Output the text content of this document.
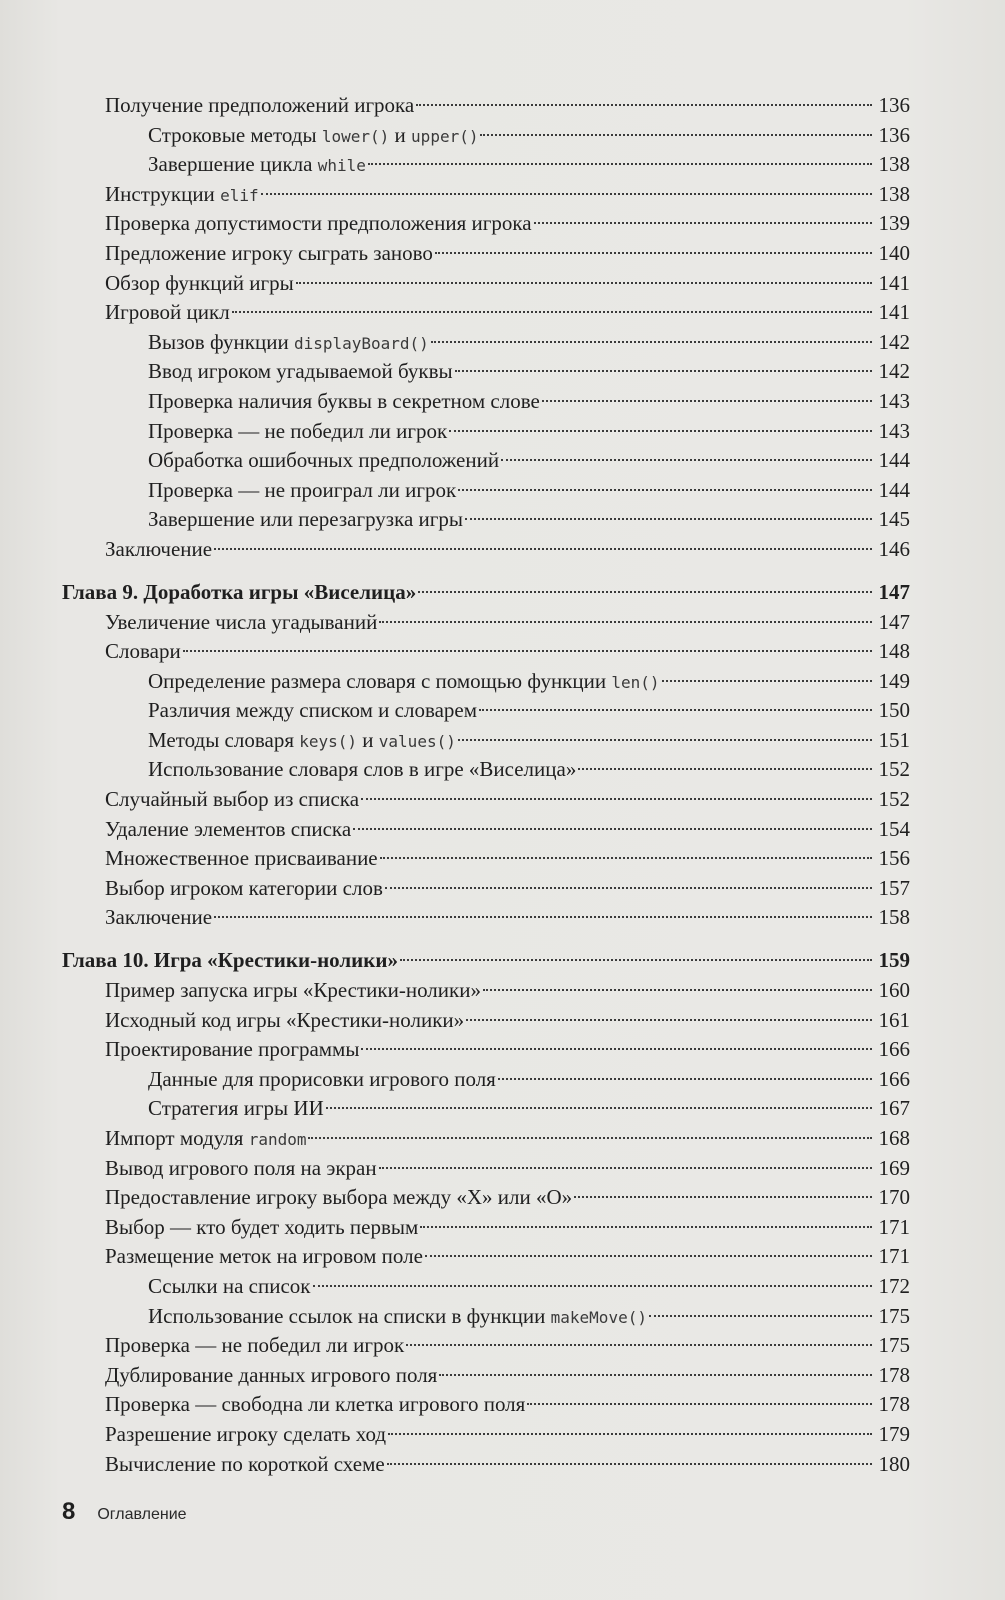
Получение предположений игрока	136
Строковые методы lower() и upper()	136
Завершение цикла while	138
Инструкции elif	138
Проверка допустимости предположения игрока	139
Предложение игроку сыграть заново	140
Обзор функций игры	141
Игровой цикл	141
Вызов функции displayBoard()	142
Ввод игроком угадываемой буквы	142
Проверка наличия буквы в секретном слове	143
Проверка — не победил ли игрок	143
Обработка ошибочных предположений	144
Проверка — не проиграл ли игрок	144
Завершение или перезагрузка игры	145
Заключение	146
Глава 9. Доработка игры «Виселица»	147
Увеличение числа угадываний	147
Словари	148
Определение размера словаря с помощью функции len()	149
Различия между списком и словарем	150
Методы словаря keys() и values()	151
Использование словаря слов в игре «Виселица»	152
Случайный выбор из списка	152
Удаление элементов списка	154
Множественное присваивание	156
Выбор игроком категории слов	157
Заключение	158
Глава 10. Игра «Крестики-нолики»	159
Пример запуска игры «Крестики-нолики»	160
Исходный код игры «Крестики-нолики»	161
Проектирование программы	166
Данные для прорисовки игрового поля	166
Стратегия игры ИИ	167
Импорт модуля random	168
Вывод игрового поля на экран	169
Предоставление игроку выбора между «Х» или «О»	170
Выбор — кто будет ходить первым	171
Размещение меток на игровом поле	171
Ссылки на список	172
Использование ссылок на списки в функции makeMove()	175
Проверка — не победил ли игрок	175
Дублирование данных игрового поля	178
Проверка — свободна ли клетка игрового поля	178
Разрешение игроку сделать ход	179
Вычисление по короткой схеме	180
8 Оглавление
